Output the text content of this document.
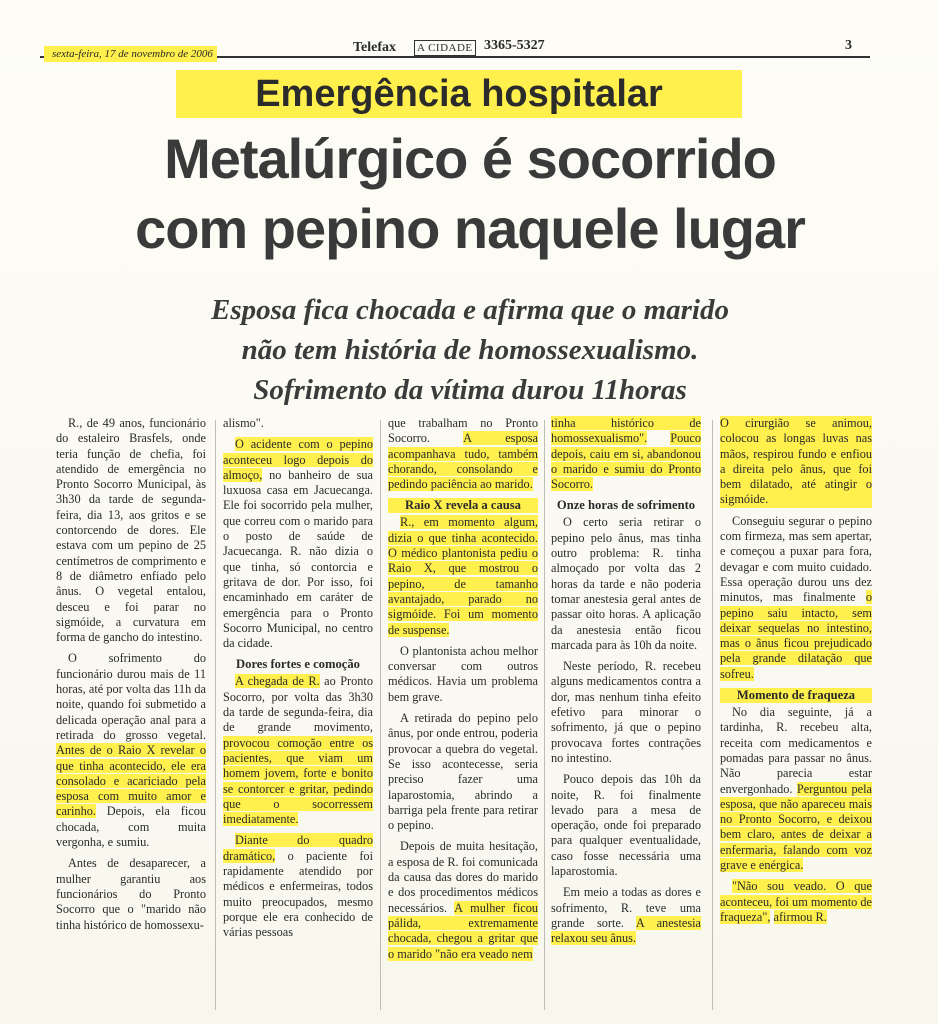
sexta-feira, 17 de novembro de 2006	Telefax A CIDADE 3365-5327	3
Emergência hospitalar
Metalúrgico é socorrido
com pepino naquele lugar
Esposa fica chocada e afirma que o marido
não tem história de homossexualismo.
Sofrimento da vítima durou 11horas

R., de 49 anos, funcionário do estaleiro Brasfels, onde teria função de chefia, foi atendido de emergência no Pronto Socorro Municipal, às 3h30 da tarde de segunda-feira, dia 13, aos gritos e se contorcendo de dores. Ele estava com um pepino de 25 centímetros de comprimento e 8 de diâmetro enfiado pelo ânus. O vegetal entalou, desceu e foi parar no sigmóide, a curvatura em forma de gancho do intestino.

O sofrimento do funcionário durou mais de 11 horas, até por volta das 11h da noite, quando foi submetido a delicada operação anal para a retirada do grosso vegetal. Antes de o Raio X revelar o que tinha acontecido, ele era consolado e acariciado pela esposa com muito amor e carinho. Depois, ela ficou chocada, com muita vergonha, e sumiu.

Antes de desaparecer, a mulher garantiu aos funcionários do Pronto Socorro que o "marido não tinha histórico de homossexu-

alismo".

O acidente com o pepino aconteceu logo depois do almoço, no banheiro de sua luxuosa casa em Jacuecanga. Ele foi socorrido pela mulher, que correu com o marido para o posto de saúde de Jacuecanga. R. não dizia o que tinha, só contorcia e gritava de dor. Por isso, foi encaminhado em caráter de emergência para o Pronto Socorro Municipal, no centro da cidade.

Dores fortes e comoção

A chegada de R. ao Pronto Socorro, por volta das 3h30 da tarde de segunda-feira, dia de grande movimento, provocou comoção entre os pacientes, que viam um homem jovem, forte e bonito se contorcer e gritar, pedindo que o socorressem imediatamente.

Diante do quadro dramático, o paciente foi rapidamente atendido por médicos e enfermeiras, todos muito preocupados, mesmo porque ele era conhecido de várias pessoas

que trabalham no Pronto Socorro.	A esposa acompanhava tudo, também chorando, consolando e pedindo paciência ao marido.

Raio X revela a causa

R., em momento algum, dizia o que tinha acontecido. O médico plantonista pediu o Raio X, que mostrou o pepino, de tamanho avantajado, parado no sigmóide. Foi um momento de suspense.

O plantonista achou melhor conversar com outros médicos. Havia um problema bem grave.

A retirada do pepino pelo ânus, por onde entrou, poderia provocar a quebra do vegetal. Se isso acontecesse, seria preciso fazer uma laparostomia, abrindo a barriga pela frente para retirar o pepino.

Depois de muita hesitação, a esposa de R. foi comunicada da causa das dores do marido e dos procedimentos médicos necessários. A mulher ficou pálida, extremamente chocada, chegou a gritar que o marido "não era veado nem

tinha histórico de homossexualismo". Pouco depois, caiu em si, abandonou o marido e sumiu do Pronto Socorro.

Onze horas de sofrimento

O certo seria retirar o pepino pelo ânus, mas tinha outro problema: R. tinha almoçado por volta das 2 horas da tarde e não poderia tomar anestesia geral antes de passar oito horas. A aplicação da anestesia então ficou marcada para às 10h da noite.

Neste período, R. recebeu alguns medicamentos contra a dor, mas nenhum tinha efeito efetivo para minorar o sofrimento, já que o pepino provocava fortes contrações no intestino.

Pouco depois das 10h da noite, R. foi finalmente levado para a mesa de operação, onde foi preparado para qualquer eventualidade, caso fosse necessária uma laparostomia.

Em meio a todas as dores e sofrimento, R. teve uma grande sorte. A anestesia relaxou seu ânus.

O cirurgião se animou, colocou as longas luvas nas mãos, respirou fundo e enfiou a direita pelo ânus, que foi bem dilatado, até atingir o sigmóide.

Conseguiu segurar o pepino com firmeza, mas sem apertar, e começou a puxar para fora, devagar e com muito cuidado. Essa operação durou uns dez minutos, mas finalmente o pepino saiu intacto, sem deixar sequelas no intestino, mas o ânus ficou prejudicado pela grande dilatação que sofreu.

Momento de fraqueza

No dia seguinte, já a tardinha, R. recebeu alta, receita com medicamentos e pomadas para passar no ânus. Não parecia estar envergonhado. Perguntou pela esposa, que não apareceu mais no Pronto Socorro, e deixou bem claro, antes de deixar a enfermaria, falando com voz grave e enérgica.

"Não sou veado. O que aconteceu, foi um momento de fraqueza", afirmou R.
